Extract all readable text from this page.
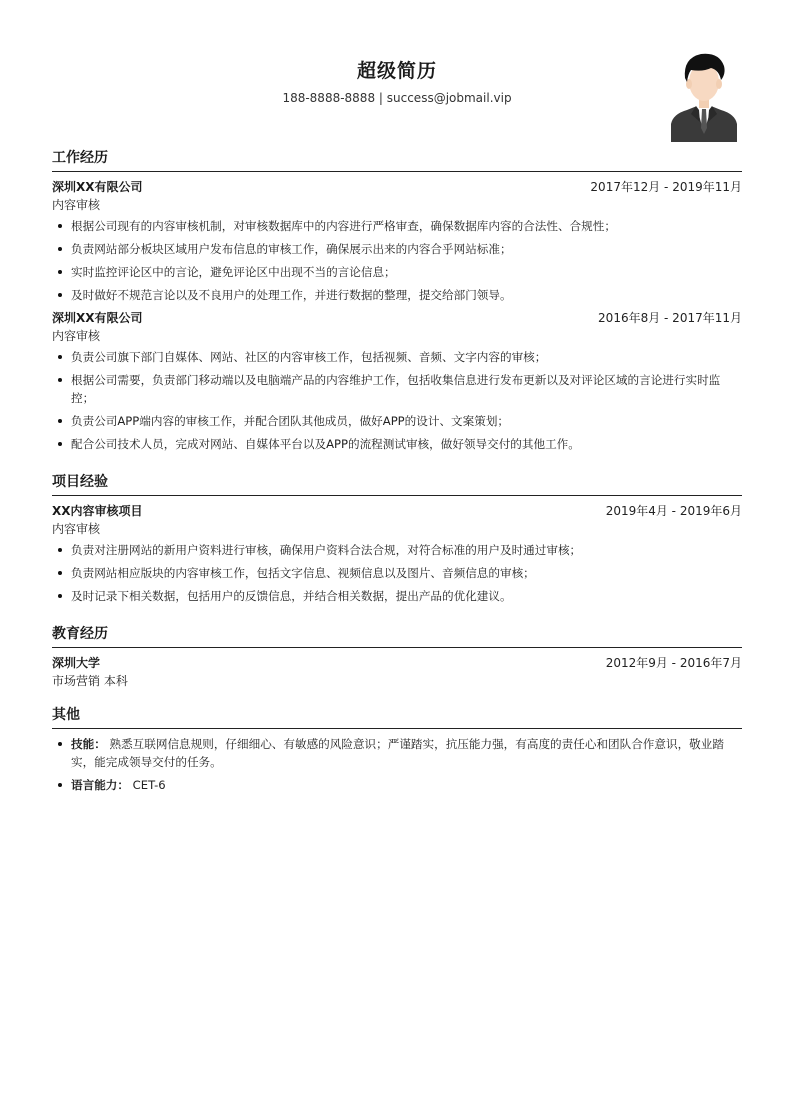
超级简历
188-8888-8888 | success@jobmail.vip
工作经历
深圳XX有限公司	2017年12月 - 2019年11月
内容审核
根据公司现有的内容审核机制，对审核数据库中的内容进行严格审查，确保数据库内容的合法性、合规性；
负责网站部分板块区域用户发布信息的审核工作，确保展示出来的内容合乎网站标准；
实时监控评论区中的言论，避免评论区中出现不当的言论信息；
及时做好不规范言论以及不良用户的处理工作，并进行数据的整理，提交给部门领导。
深圳XX有限公司	2016年8月 - 2017年11月
内容审核
负责公司旗下部门自媒体、网站、社区的内容审核工作，包括视频、音频、文字内容的审核；
根据公司需要，负责部门移动端以及电脑端产品的内容维护工作，包括收集信息进行发布更新以及对评论区域的言论进行实时监控；
负责公司APP端内容的审核工作，并配合团队其他成员，做好APP的设计、文案策划；
配合公司技术人员，完成对网站、自媒体平台以及APP的流程测试审核，做好领导交付的其他工作。
项目经验
XX内容审核项目	2019年4月 - 2019年6月
内容审核
负责对注册网站的新用户资料进行审核，确保用户资料合法合规，对符合标准的用户及时通过审核；
负责网站相应版块的内容审核工作，包括文字信息、视频信息以及图片、音频信息的审核；
及时记录下相关数据，包括用户的反馈信息，并结合相关数据，提出产品的优化建议。
教育经历
深圳大学	2012年9月 - 2016年7月
市场营销 本科
其他
技能： 熟悉互联网信息规则，仔细细心、有敏感的风险意识；严谨踏实，抗压能力强，有高度的责任心和团队合作意识，敬业踏实，能完成领导交付的任务。
语言能力： CET-6
